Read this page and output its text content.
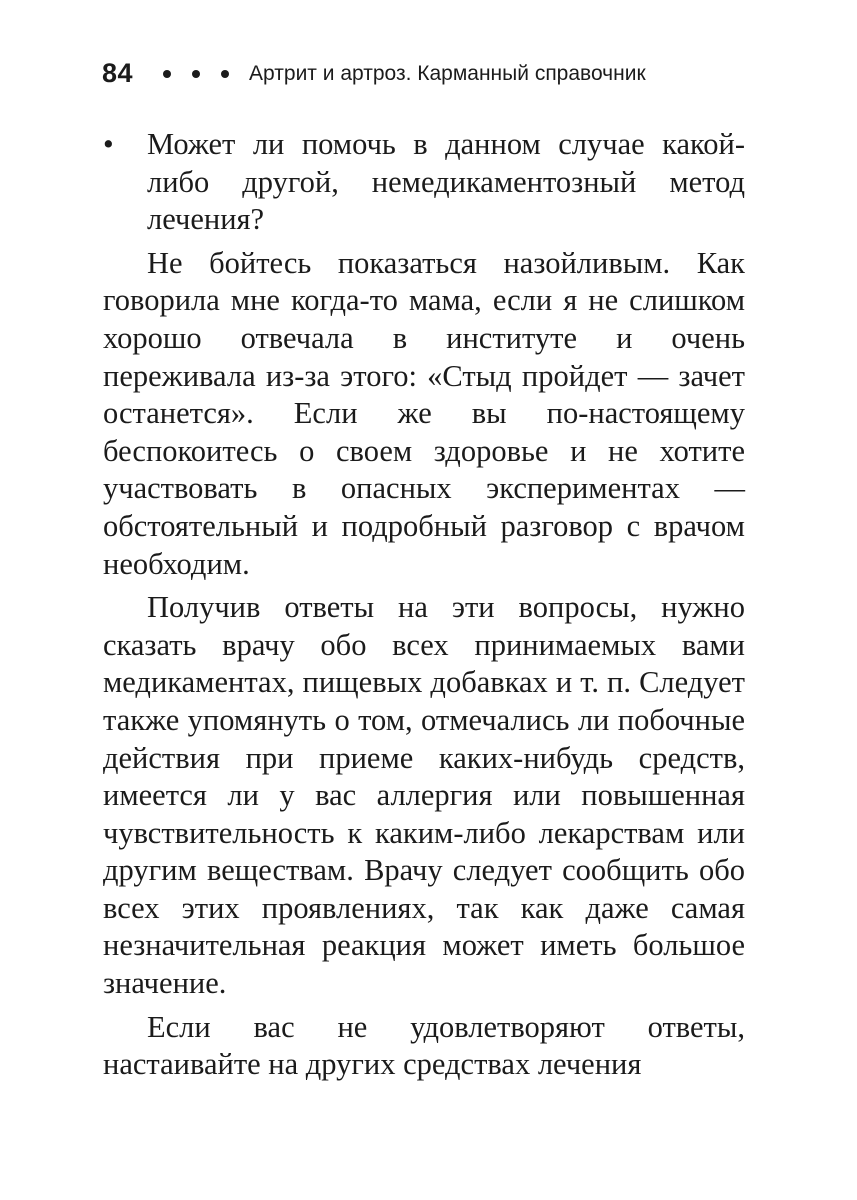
84	Артрит и артроз. Карманный справочник

• Может ли помочь в данном случае какой-либо другой, немедикаментозный метод лечения?

Не бойтесь показаться назойливым. Как говорила мне когда-то мама, если я не слишком хорошо отвечала в институте и очень переживала из-за этого: «Стыд пройдет — зачет останется». Если же вы по-настоящему беспокоитесь о своем здоровье и не хотите участвовать в опасных экспериментах — обстоятельный и подробный разговор с врачом необходим.

Получив ответы на эти вопросы, нужно сказать врачу обо всех принимаемых вами медикаментах, пищевых добавках и т. п. Следует также упомянуть о том, отмечались ли побочные действия при приеме каких-нибудь средств, имеется ли у вас аллергия или повышенная чувствительность к каким-либо лекарствам или другим веществам. Врачу следует сообщить обо всех этих проявлениях, так как даже самая незначительная реакция может иметь большое значение.

Если вас не удовлетворяют ответы, настаивайте на других средствах лечения
